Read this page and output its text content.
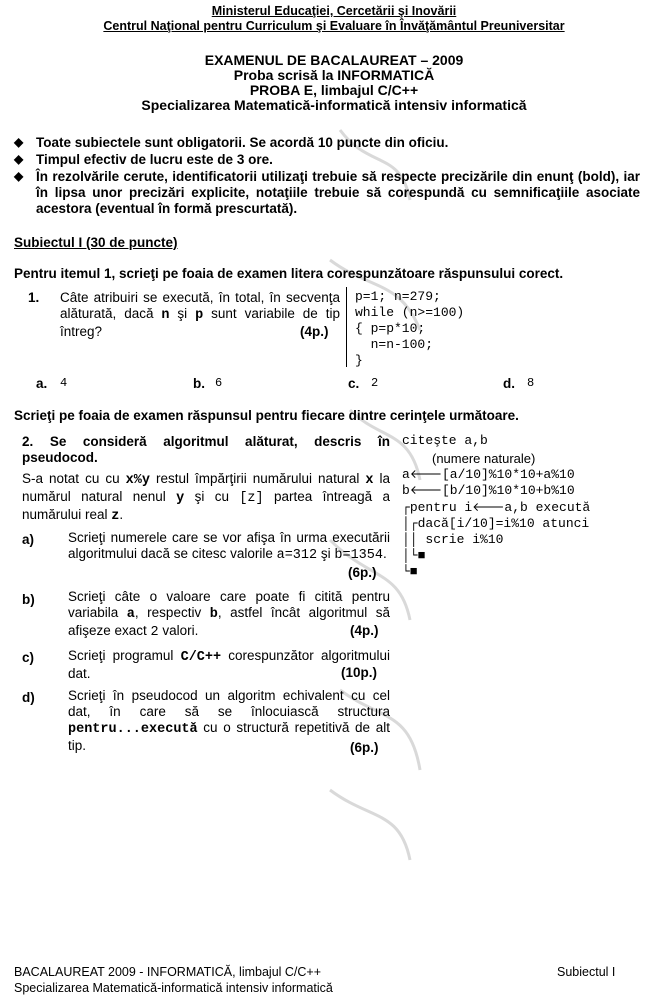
Ministerul Educaţiei, Cercetării şi Inovării
Centrul Naţional pentru Curriculum şi Evaluare în Învăţământul Preuniversitar
EXAMENUL DE BACALAUREAT – 2009
Proba scrisă la INFORMATICĂ
PROBA E, limbajul C/C++
Specializarea Matematică-informatică intensiv informatică
◆ Toate subiectele sunt obligatorii. Se acordă 10 puncte din oficiu.
◆ Timpul efectiv de lucru este de 3 ore.
◆ În rezolvările cerute, identificatorii utilizaţi trebuie să respecte precizările din enunţ (bold), iar în lipsa unor precizări explicite, notaţiile trebuie să corespundă cu semnificaţiile asociate acestora (eventual în formă prescurtată).
Subiectul I (30 de puncte)
Pentru itemul 1, scrieţi pe foaia de examen litera corespunzătoare răspunsului corect.
1. Câte atribuiri se execută, în total, în secvenţa alăturată, dacă n şi p sunt variabile de tip întreg?	(4p.)
p=1; n=279;
while (n>=100)
{ p=p*10;
n=n-100;
}
a. 4	b. 6	c. 2	d. 8
Scrieţi pe foaia de examen răspunsul pentru fiecare dintre cerinţele următoare.
2. Se consideră algoritmul alăturat, descris în pseudocod.
S-a notat cu cu x%y restul împărţirii numărului natural x la numărul natural nenul y şi cu [z] partea întreagă a numărului real z.
a)	Scrieţi numerele care se vor afişa în urma executării algoritmului dacă se citesc valorile a=312 şi b=1354.
(6p.)
b) Scrieţi câte o valoare care poate fi citită pentru variabila a, respectiv b, astfel încât algoritmul să afişeze exact 2 valori.	(4p.)
c)	Scrieţi programul C/C++ corespunzător algoritmului dat.	(10p.)
d) Scrieţi în pseudocod un algoritm echivalent cu cel dat, în care să se înlocuiască structura pentru...execută cu o structură repetitivă de alt tip.	(6p.)
citeşte a,b
(numere naturale)
a🡐[a/10]%10*10+a%10
b🡐[b/10]%10*10+b%10
┌pentru i🡐a,b execută
│┌dacă[i/10]=i%10 atunci
││ scrie i%10
│└■
└■
BACALAUREAT 2009 - INFORMATICĂ, limbajul C/C++
Specializarea Matematică-informatică intensiv informatică
Subiectul I
